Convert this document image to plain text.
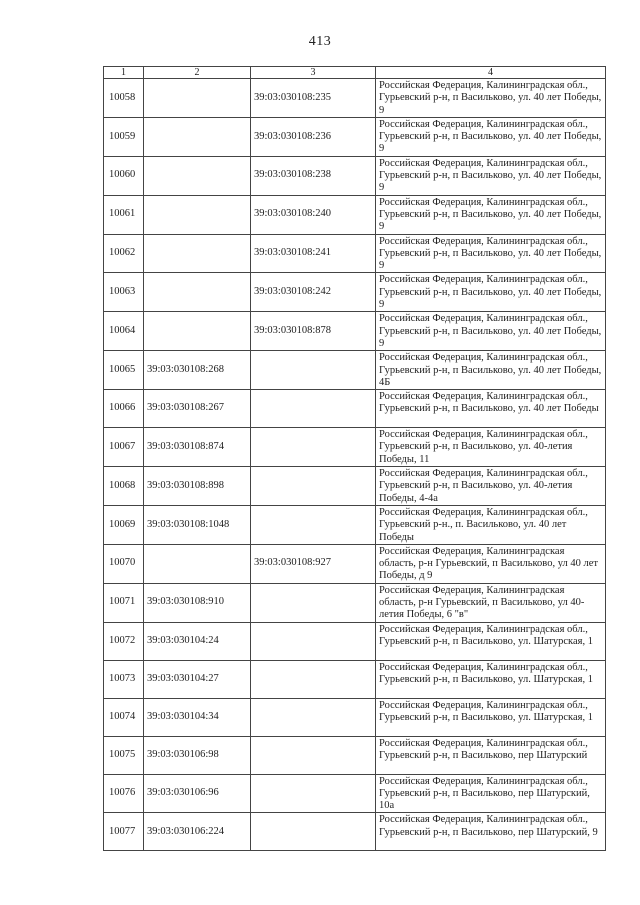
413
1	2	3	4
10058		39:03:030108:235	Российская Федерация, Калининградская обл., Гурьевский р-н, п Васильково, ул. 40 лет Победы, 9
10059		39:03:030108:236	Российская Федерация, Калининградская обл., Гурьевский р-н, п Васильково, ул. 40 лет Победы, 9
10060		39:03:030108:238	Российская Федерация, Калининградская обл., Гурьевский р-н, п Васильково, ул. 40 лет Победы, 9
10061		39:03:030108:240	Российская Федерация, Калининградская обл., Гурьевский р-н, п Васильково, ул. 40 лет Победы, 9
10062		39:03:030108:241	Российская Федерация, Калининградская обл., Гурьевский р-н, п Васильково, ул. 40 лет Победы, 9
10063		39:03:030108:242	Российская Федерация, Калининградская обл., Гурьевский р-н, п Васильково, ул. 40 лет Победы, 9
10064		39:03:030108:878	Российская Федерация, Калининградская обл., Гурьевский р-н, п Васильково, ул. 40 лет Победы, 9
10065	39:03:030108:268		Российская Федерация, Калининградская обл., Гурьевский р-н, п Васильково, ул. 40 лет Победы, 4Б
10066	39:03:030108:267		Российская Федерация, Калининградская обл., Гурьевский р-н, п Васильково, ул. 40 лет Победы
10067	39:03:030108:874		Российская Федерация, Калининградская обл., Гурьевский р-н, п Васильково, ул. 40-летия Победы, 11
10068	39:03:030108:898		Российская Федерация, Калининградская обл., Гурьевский р-н, п Васильково, ул. 40-летия Победы, 4-4а
10069	39:03:030108:1048		Российская Федерация, Калининградская обл., Гурьевский р-н., п. Васильково, ул. 40 лет Победы
10070		39:03:030108:927	Российская Федерация, Калининградская область, р-н Гурьевский, п Васильково, ул 40 лет Победы, д 9
10071	39:03:030108:910		Российская Федерация, Калининградская область, р-н Гурьевский, п Васильково, ул 40-летия Победы, 6 "в"
10072	39:03:030104:24		Российская Федерация, Калининградская обл., Гурьевский р-н, п Васильково, ул. Шатурская, 1
10073	39:03:030104:27		Российская Федерация, Калининградская обл., Гурьевский р-н, п Васильково, ул. Шатурская, 1
10074	39:03:030104:34		Российская Федерация, Калининградская обл., Гурьевский р-н, п Васильково, ул. Шатурская, 1
10075	39:03:030106:98		Российская Федерация, Калининградская обл., Гурьевский р-н, п Васильково, пер Шатурский
10076	39:03:030106:96		Российская Федерация, Калининградская обл., Гурьевский р-н, п Васильково, пер Шатурский, 10а
10077	39:03:030106:224		Российская Федерация, Калининградская обл., Гурьевский р-н, п Васильково, пер Шатурский, 9
